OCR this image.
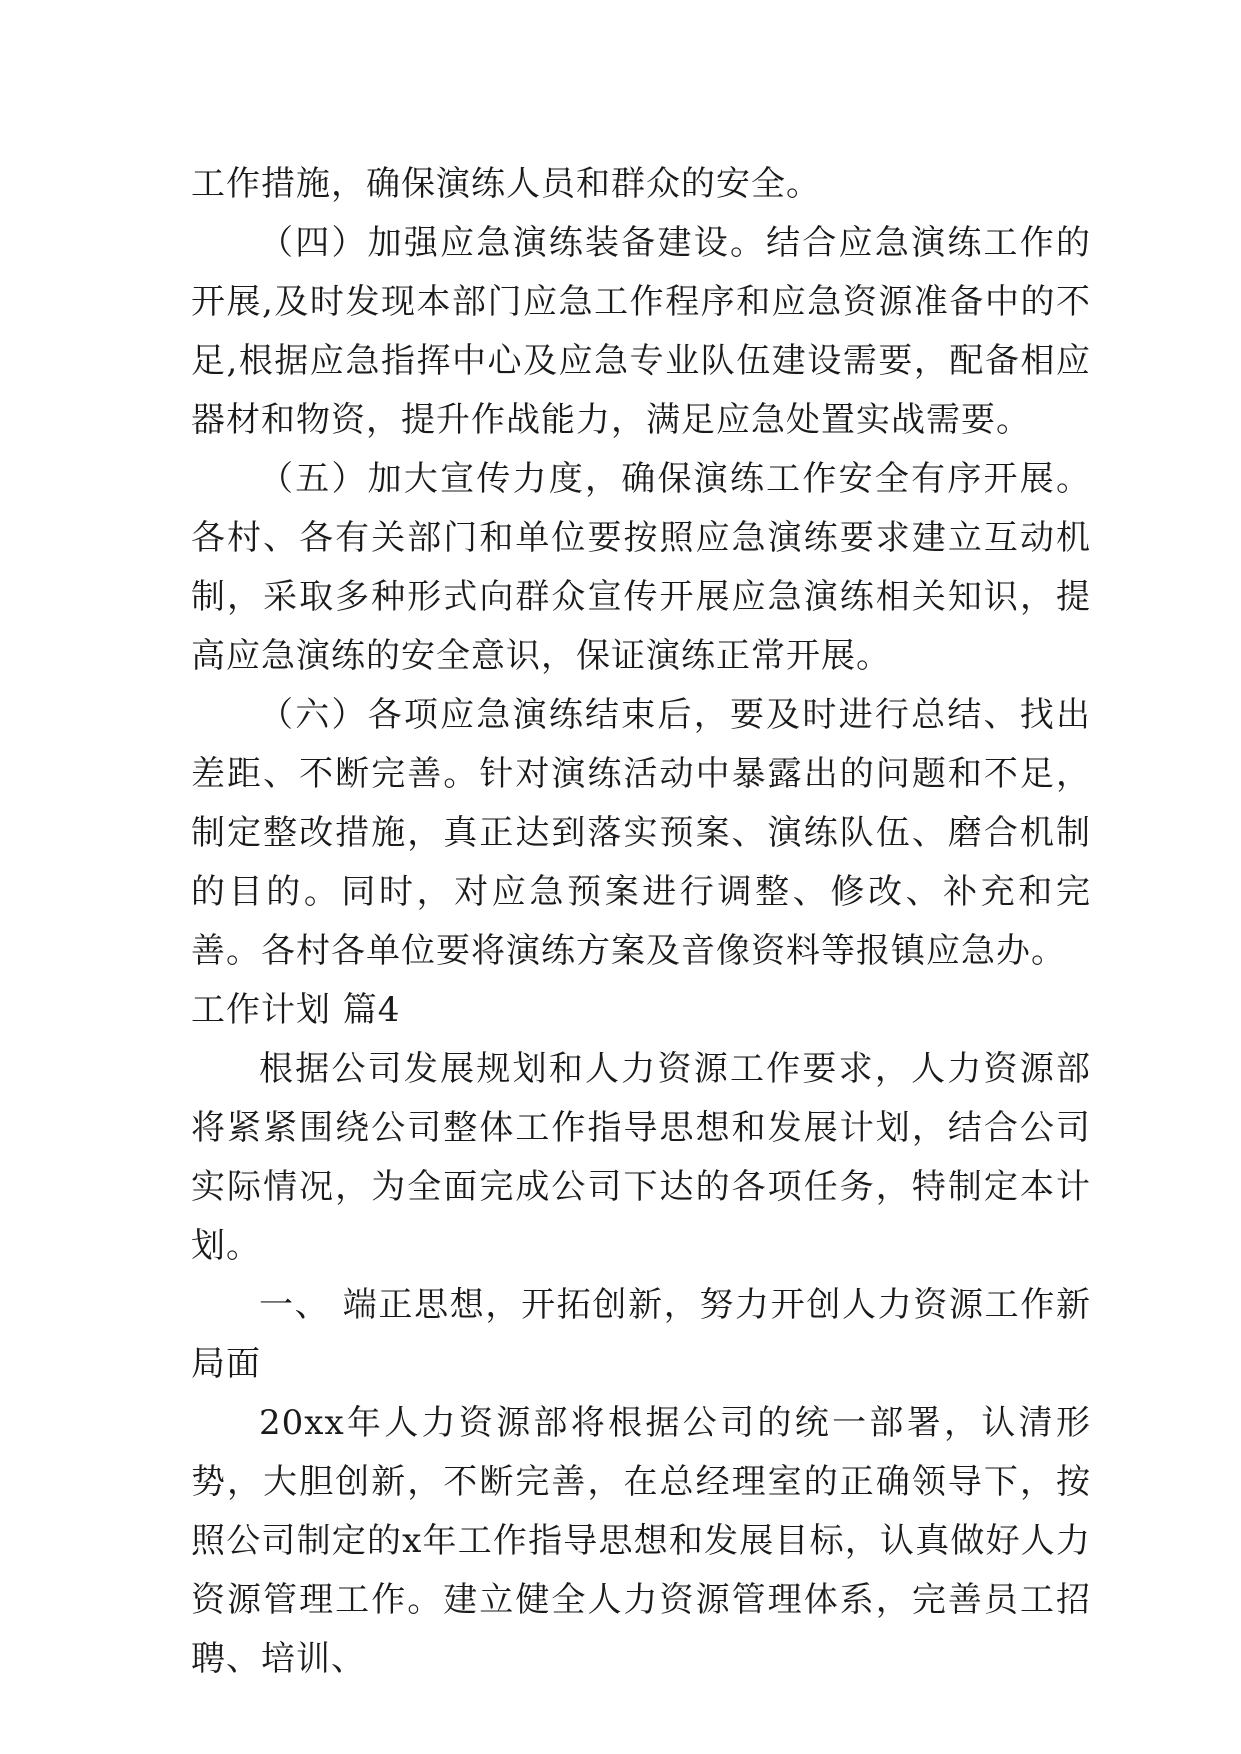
工作措施，确保演练人员和群众的安全。

（四）加强应急演练装备建设。结合应急演练工作的开展,及时发现本部门应急工作程序和应急资源准备中的不足,根据应急指挥中心及应急专业队伍建设需要，配备相应器材和物资，提升作战能力，满足应急处置实战需要。

（五）加大宣传力度，确保演练工作安全有序开展。各村、各有关部门和单位要按照应急演练要求建立互动机制，采取多种形式向群众宣传开展应急演练相关知识，提高应急演练的安全意识，保证演练正常开展。

（六）各项应急演练结束后，要及时进行总结、找出差距、不断完善。针对演练活动中暴露出的问题和不足，制定整改措施，真正达到落实预案、演练队伍、磨合机制的目的。同时，对应急预案进行调整、修改、补充和完善。各村各单位要将演练方案及音像资料等报镇应急办。

工作计划 篇4

根据公司发展规划和人力资源工作要求，人力资源部将紧紧围绕公司整体工作指导思想和发展计划，结合公司实际情况，为全面完成公司下达的各项任务，特制定本计划。

一、 端正思想，开拓创新，努力开创人力资源工作新局面

20xx年人力资源部将根据公司的统一部署，认清形势，大胆创新，不断完善，在总经理室的正确领导下，按照公司制定的x年工作指导思想和发展目标，认真做好人力资源管理工作。建立健全人力资源管理体系，完善员工招聘、培训、
